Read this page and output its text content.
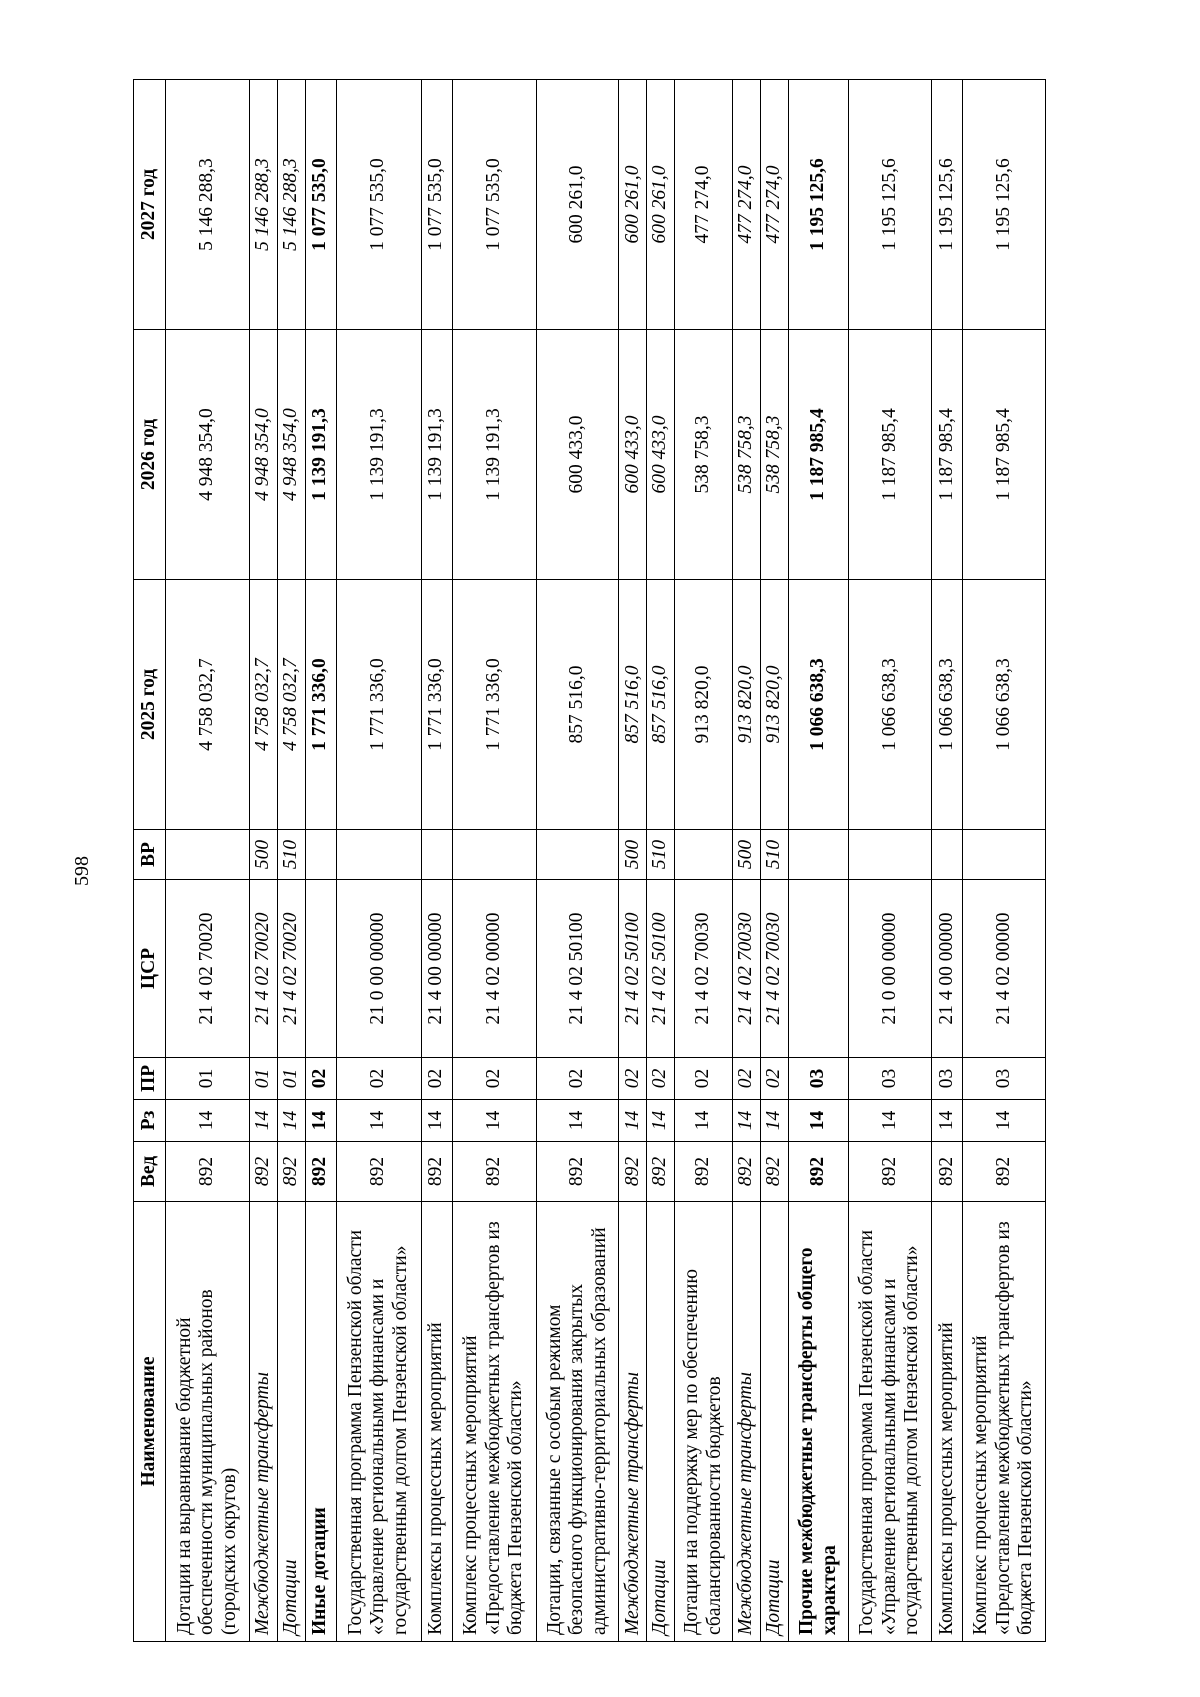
598
Наименование	Вед	Рз	ПР	ЦСР	ВР	2025 год	2026 год	2027 год
Дотации на выравнивание бюджетной обеспеченности муниципальных районов (городских округов)	892	14	01	21 4 02 70020		4 758 032,7	4 948 354,0	5 146 288,3
Межбюджетные трансферты	892	14	01	21 4 02 70020	500	4 758 032,7	4 948 354,0	5 146 288,3
Дотации	892	14	01	21 4 02 70020	510	4 758 032,7	4 948 354,0	5 146 288,3
Иные дотации	892	14	02			1 771 336,0	1 139 191,3	1 077 535,0
Государственная программа Пензенской области «Управление региональными финансами и государственным долгом Пензенской области»	892	14	02	21 0 00 00000		1 771 336,0	1 139 191,3	1 077 535,0
Комплексы процессных мероприятий	892	14	02	21 4 00 00000		1 771 336,0	1 139 191,3	1 077 535,0
Комплекс процессных мероприятий «Предоставление межбюджетных трансфертов из бюджета Пензенской области»	892	14	02	21 4 02 00000		1 771 336,0	1 139 191,3	1 077 535,0
Дотации, связанные с особым режимом безопасного функционирования закрытых административно-территориальных образований	892	14	02	21 4 02 50100		857 516,0	600 433,0	600 261,0
Межбюджетные трансферты	892	14	02	21 4 02 50100	500	857 516,0	600 433,0	600 261,0
Дотации	892	14	02	21 4 02 50100	510	857 516,0	600 433,0	600 261,0
Дотации на поддержку мер по обеспечению сбалансированности бюджетов	892	14	02	21 4 02 70030		913 820,0	538 758,3	477 274,0
Межбюджетные трансферты	892	14	02	21 4 02 70030	500	913 820,0	538 758,3	477 274,0
Дотации	892	14	02	21 4 02 70030	510	913 820,0	538 758,3	477 274,0
Прочие межбюджетные трансферты общего характера	892	14	03			1 066 638,3	1 187 985,4	1 195 125,6
Государственная программа Пензенской области «Управление региональными финансами и государственным долгом Пензенской области»	892	14	03	21 0 00 00000		1 066 638,3	1 187 985,4	1 195 125,6
Комплексы процессных мероприятий	892	14	03	21 4 00 00000		1 066 638,3	1 187 985,4	1 195 125,6
Комплекс процессных мероприятий «Предоставление межбюджетных трансфертов из бюджета Пензенской области»	892	14	03	21 4 02 00000		1 066 638,3	1 187 985,4	1 195 125,6
